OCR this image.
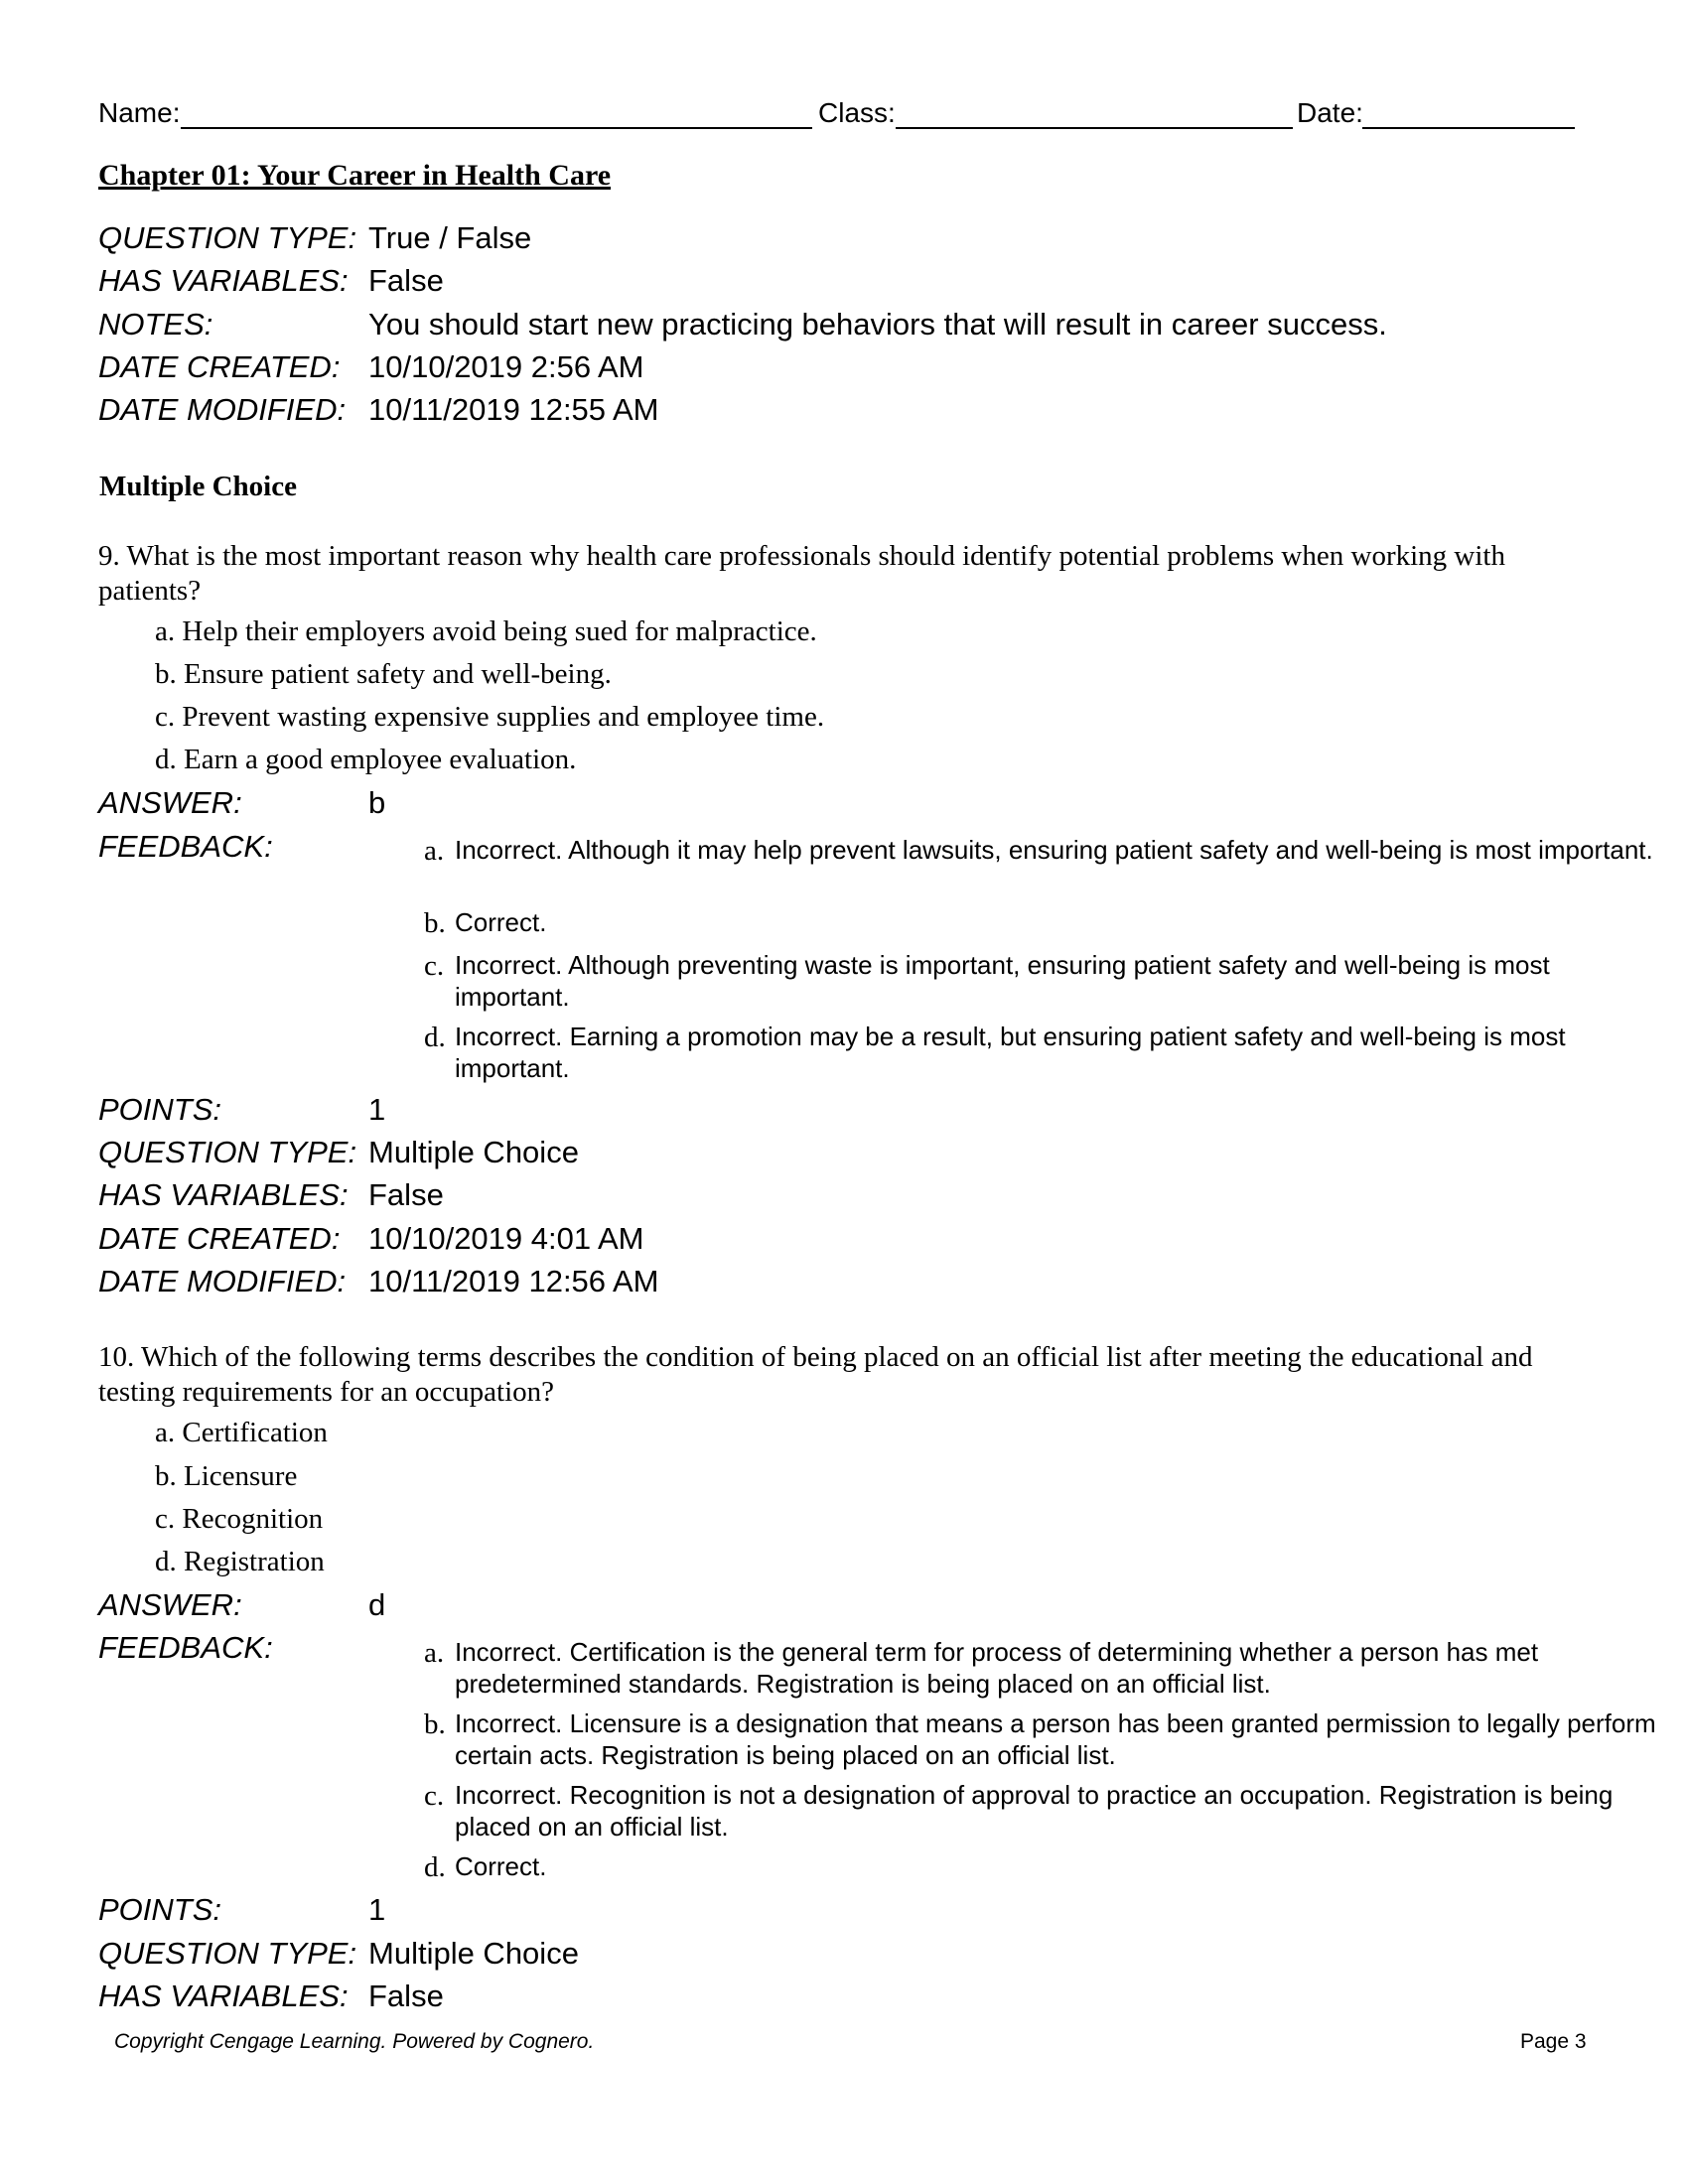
Name:	Class:	Date:
Chapter 01: Your Career in Health Care
QUESTION TYPE: True / False
HAS VARIABLES: False
NOTES:	You should start new practicing behaviors that will result in career success.
DATE CREATED: 10/10/2019 2:56 AM
DATE MODIFIED: 10/11/2019 12:55 AM
Multiple Choice
9. What is the most important reason why health care professionals should identify potential problems when working with patients?
a. Help their employers avoid being sued for malpractice.
b. Ensure patient safety and well-being.
c. Prevent wasting expensive supplies and employee time.
d. Earn a good employee evaluation.
ANSWER:	b
FEEDBACK:	a. Incorrect. Although it may help prevent lawsuits, ensuring patient safety and well-being is most important.
b. Correct.
c. Incorrect. Although preventing waste is important, ensuring patient safety and well-being is most important.
d. Incorrect. Earning a promotion may be a result, but ensuring patient safety and well-being is most important.
POINTS:	1
QUESTION TYPE: Multiple Choice
HAS VARIABLES: False
DATE CREATED: 10/10/2019 4:01 AM
DATE MODIFIED: 10/11/2019 12:56 AM
10. Which of the following terms describes the condition of being placed on an official list after meeting the educational and testing requirements for an occupation?
a. Certification
b. Licensure
c. Recognition
d. Registration
ANSWER:	d
FEEDBACK:	a. Incorrect. Certification is the general term for process of determining whether a person has met predetermined standards. Registration is being placed on an official list.
b. Incorrect. Licensure is a designation that means a person has been granted permission to legally perform certain acts. Registration is being placed on an official list.
c. Incorrect. Recognition is not a designation of approval to practice an occupation. Registration is being placed on an official list.
d. Correct.
POINTS:	1
QUESTION TYPE: Multiple Choice
HAS VARIABLES: False
Copyright Cengage Learning. Powered by Cognero.	Page 3
